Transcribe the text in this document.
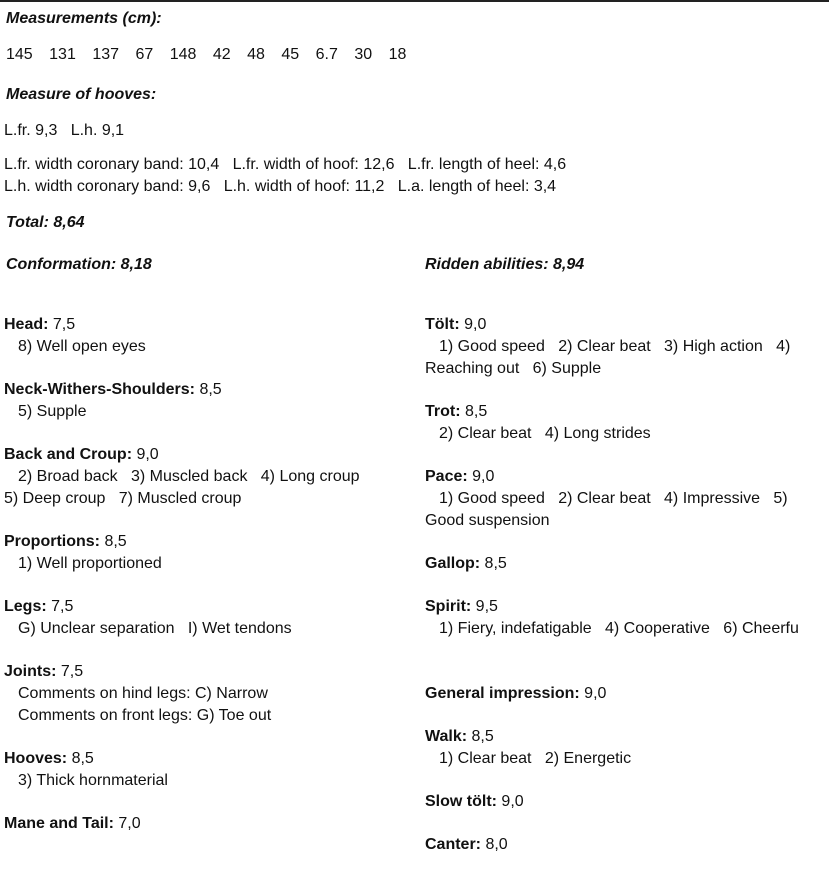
Measurements (cm):
145 131 137 67 148 42 48 45 6.7 30 18
Measure of hooves:
L.fr. 9,3   L.h. 9,1
L.fr. width coronary band: 10,4   L.fr. width of hoof: 12,6   L.fr. length of heel: 4,6
L.h. width coronary band: 9,6   L.h. width of hoof: 11,2   L.a. length of heel: 3,4
Total: 8,64
Conformation: 8,18	Ridden abilities: 8,94
Head: 7,5
8) Well open eyes
Neck-Withers-Shoulders: 8,5
5) Supple
Back and Croup: 9,0
2) Broad back   3) Muscled back   4) Long croup
5) Deep croup   7) Muscled croup
Proportions: 8,5
1) Well proportioned
Legs: 7,5
G) Unclear separation   I) Wet tendons
Joints: 7,5
Comments on hind legs: C) Narrow
Comments on front legs: G) Toe out
Hooves: 8,5
3) Thick hornmaterial
Mane and Tail: 7,0
Tölt: 9,0
1) Good speed   2) Clear beat   3) High action   4)
Reaching out   6) Supple
Trot: 8,5
2) Clear beat   4) Long strides
Pace: 9,0
1) Good speed   2) Clear beat   4) Impressive   5)
Good suspension
Gallop: 8,5
Spirit: 9,5
1) Fiery, indefatigable   4) Cooperative   6) Cheerfu
General impression: 9,0
Walk: 8,5
1) Clear beat   2) Energetic
Slow tölt: 9,0
Canter: 8,0
